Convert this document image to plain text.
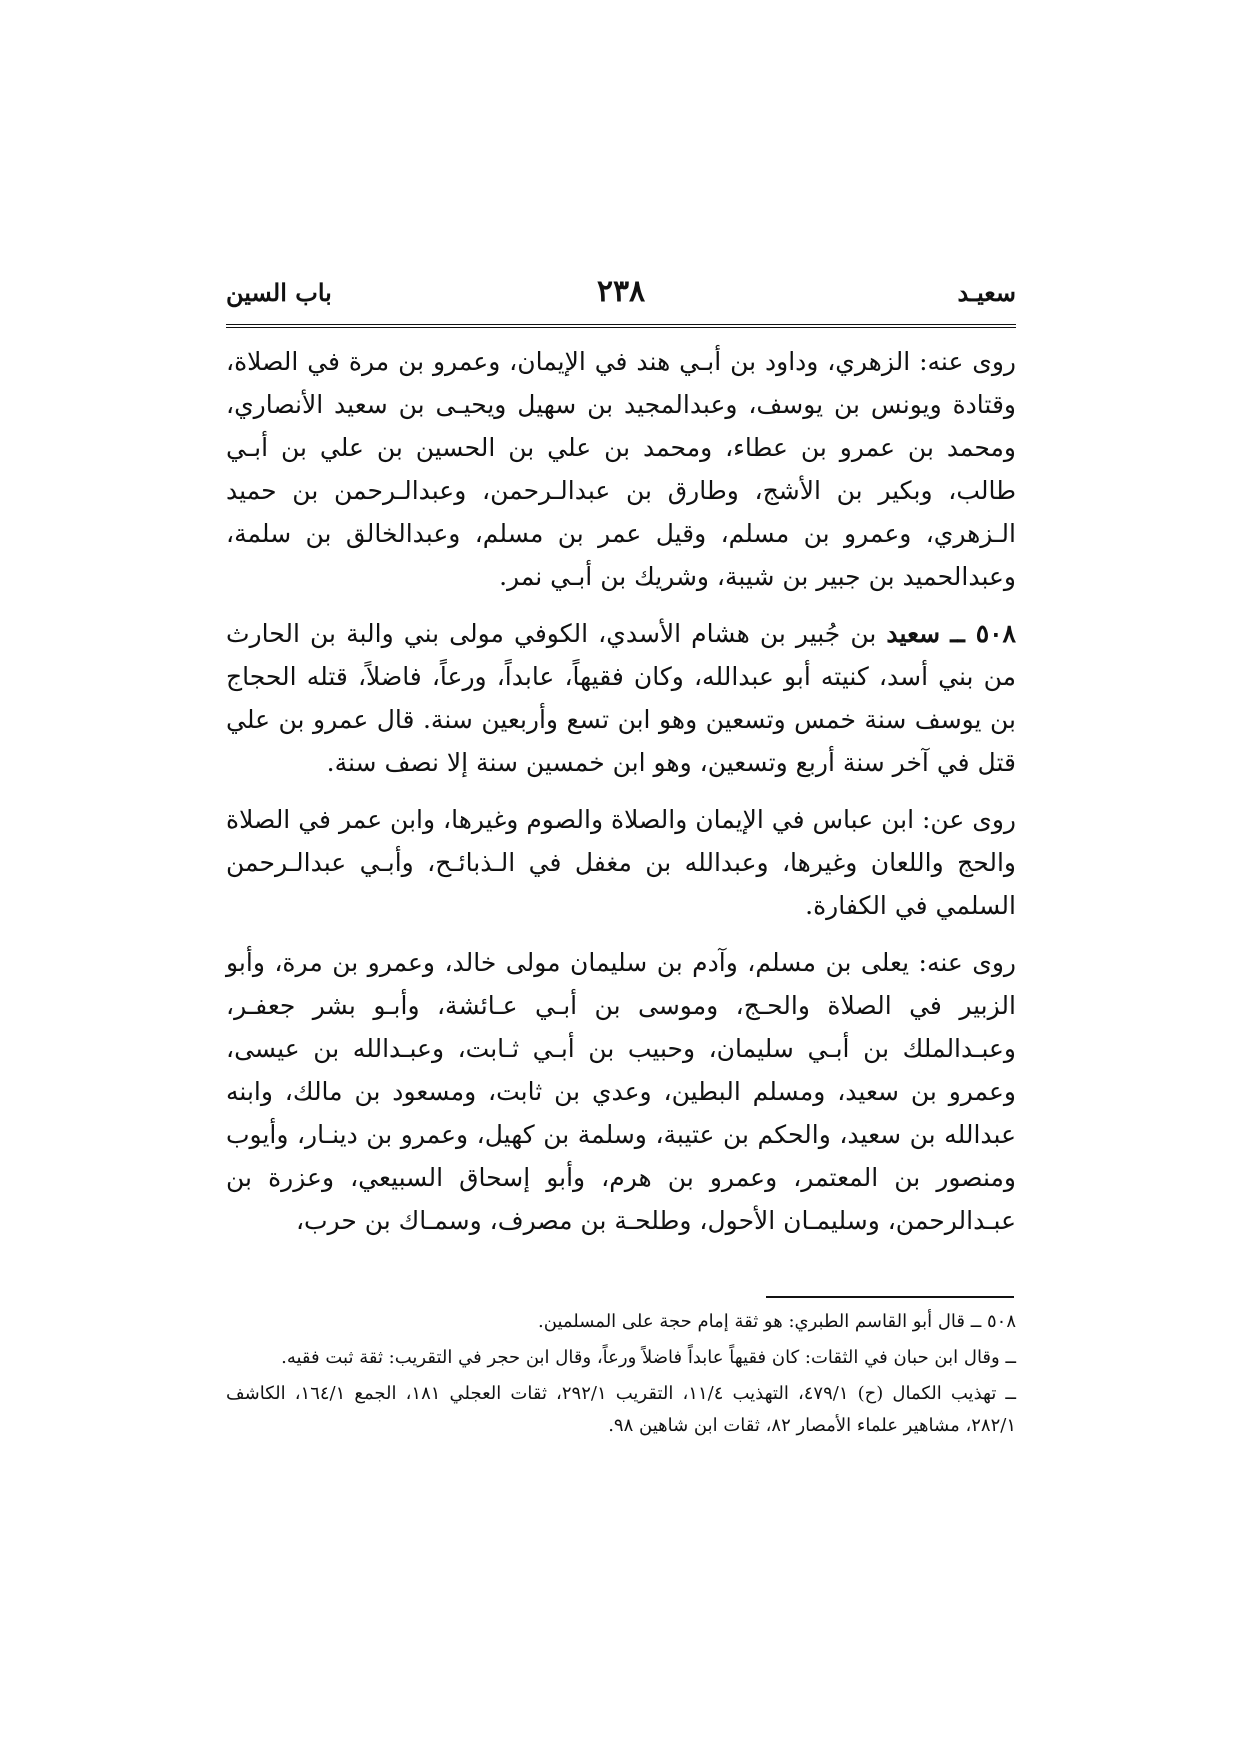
سعيـد
٢٣٨
باب السين

روى عنه: الزهري، وداود بن أبـي هند في الإيمان، وعمرو بن مرة في الصلاة، وقتادة ويونس بن يوسف، وعبدالمجيد بن سهيل ويحيـى بن سعيد الأنصاري، ومحمد بن عمرو بن عطاء، ومحمد بن علي بن الحسين بن علي بن أبـي طالب، وبكير بن الأشج، وطارق بن عبدالـرحمن، وعبدالـرحمن بن حميد الـزهري، وعمرو بن مسلم، وقيل عمر بن مسلم، وعبدالخالق بن سلمة، وعبدالحميد بن جبير بن شيبة، وشريك بن أبـي نمر.

٥٠٨ ــ سعيد بن جُبير بن هشام الأسدي، الكوفي مولى بني والبة بن الحارث من بني أسد، كنيته أبو عبدالله، وكان فقيهاً، عابداً، ورعاً، فاضلاً، قتله الحجاج بن يوسف سنة خمس وتسعين وهو ابن تسع وأربعين سنة. قال عمرو بن علي قتل في آخر سنة أربع وتسعين، وهو ابن خمسين سنة إلا نصف سنة.

روى عن: ابن عباس في الإيمان والصلاة والصوم وغيرها، وابن عمر في الصلاة والحج واللعان وغيرها، وعبدالله بن مغفل في الـذبائـح، وأبـي عبدالـرحمن السلمي في الكفارة.

روى عنه: يعلى بن مسلم، وآدم بن سليمان مولى خالد، وعمرو بن مرة، وأبو الزبير في الصلاة والحـج، وموسى بن أبـي عـائشة، وأبـو بشر جعفـر، وعبـدالملك بن أبـي سليمان، وحبيب بن أبـي ثـابت، وعبـدالله بن عيسى، وعمرو بن سعيد، ومسلم البطين، وعدي بن ثابت، ومسعود بن مالك، وابنه عبدالله بن سعيد، والحكم بن عتيبة، وسلمة بن كهيل، وعمرو بن دينـار، وأيوب ومنصور بن المعتمر، وعمرو بن هرم، وأبو إسحاق السبيعي، وعزرة بن عبـدالرحمن، وسليمـان الأحول، وطلحـة بن مصرف، وسمـاك بن حرب،

٥٠٨ ــ قال أبو القاسم الطبري: هو ثقة إمام حجة على المسلمين.

ــ وقال ابن حبان في الثقات: كان فقيهاً عابداً فاضلاً ورعاً، وقال ابن حجر في التقريب: ثقة ثبت فقيه.

ــ تهذيب الكمال (ح) ٤٧٩/١، التهذيب ١١/٤، التقريب ٢٩٢/١، ثقات العجلي ١٨١، الجمع ١٦٤/١، الكاشف ٢٨٢/١، مشاهير علماء الأمصار ٨٢، ثقات ابن شاهين ٩٨.
